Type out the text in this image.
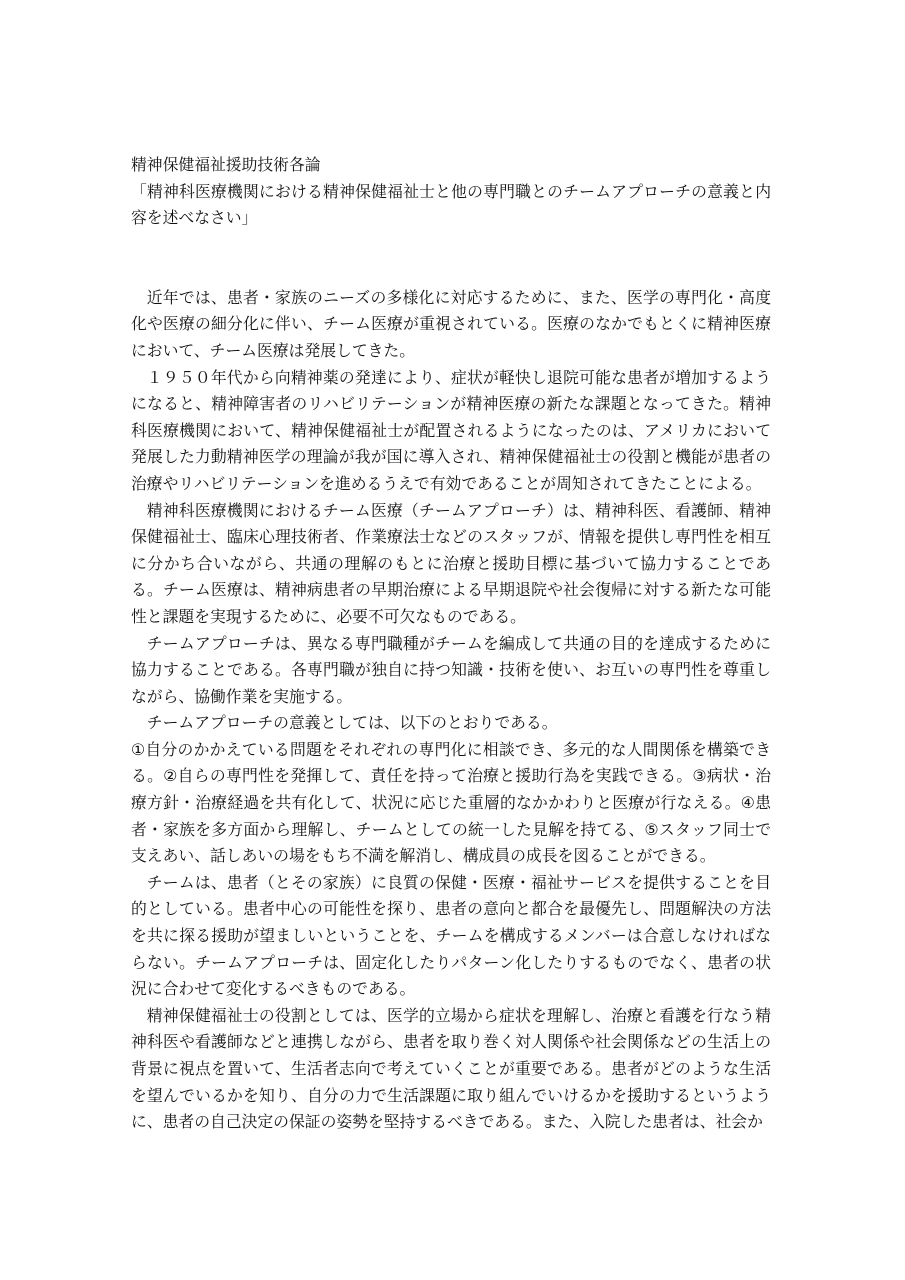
精神保健福祉援助技術各論
「精神科医療機関における精神保健福祉士と他の専門職とのチームアプローチの意義と内容を述べなさい」

近年では、患者・家族のニーズの多様化に対応するために、また、医学の専門化・高度化や医療の細分化に伴い、チーム医療が重視されている。医療のなかでもとくに精神医療において、チーム医療は発展してきた。

１９５０年代から向精神薬の発達により、症状が軽快し退院可能な患者が増加するようになると、精神障害者のリハビリテーションが精神医療の新たな課題となってきた。精神科医療機関において、精神保健福祉士が配置されるようになったのは、アメリカにおいて発展した力動精神医学の理論が我が国に導入され、精神保健福祉士の役割と機能が患者の治療やリハビリテーションを進めるうえで有効であることが周知されてきたことによる。

精神科医療機関におけるチーム医療（チームアプローチ）は、精神科医、看護師、精神保健福祉士、臨床心理技術者、作業療法士などのスタッフが、情報を提供し専門性を相互に分かち合いながら、共通の理解のもとに治療と援助目標に基づいて協力することである。チーム医療は、精神病患者の早期治療による早期退院や社会復帰に対する新たな可能性と課題を実現するために、必要不可欠なものである。

チームアプローチは、異なる専門職種がチームを編成して共通の目的を達成するために協力することである。各専門職が独自に持つ知識・技術を使い、お互いの専門性を尊重しながら、協働作業を実施する。

チームアプローチの意義としては、以下のとおりである。

①自分のかかえている問題をそれぞれの専門化に相談でき、多元的な人間関係を構築できる。②自らの専門性を発揮して、責任を持って治療と援助行為を実践できる。③病状・治療方針・治療経過を共有化して、状況に応じた重層的なかかわりと医療が行なえる。④患者・家族を多方面から理解し、チームとしての統一した見解を持てる、⑤スタッフ同士で支えあい、話しあいの場をもち不満を解消し、構成員の成長を図ることができる。

チームは、患者（とその家族）に良質の保健・医療・福祉サービスを提供することを目的としている。患者中心の可能性を探り、患者の意向と都合を最優先し、問題解決の方法を共に探る援助が望ましいということを、チームを構成するメンバーは合意しなければならない。チームアプローチは、固定化したりパターン化したりするものでなく、患者の状況に合わせて変化するべきものである。

精神保健福祉士の役割としては、医学的立場から症状を理解し、治療と看護を行なう精神科医や看護師などと連携しながら、患者を取り巻く対人関係や社会関係などの生活上の背景に視点を置いて、生活者志向で考えていくことが重要である。患者がどのような生活を望んでいるかを知り、自分の力で生活課題に取り組んでいけるかを援助するというように、患者の自己決定の保証の姿勢を堅持するべきである。また、入院した患者は、社会か
